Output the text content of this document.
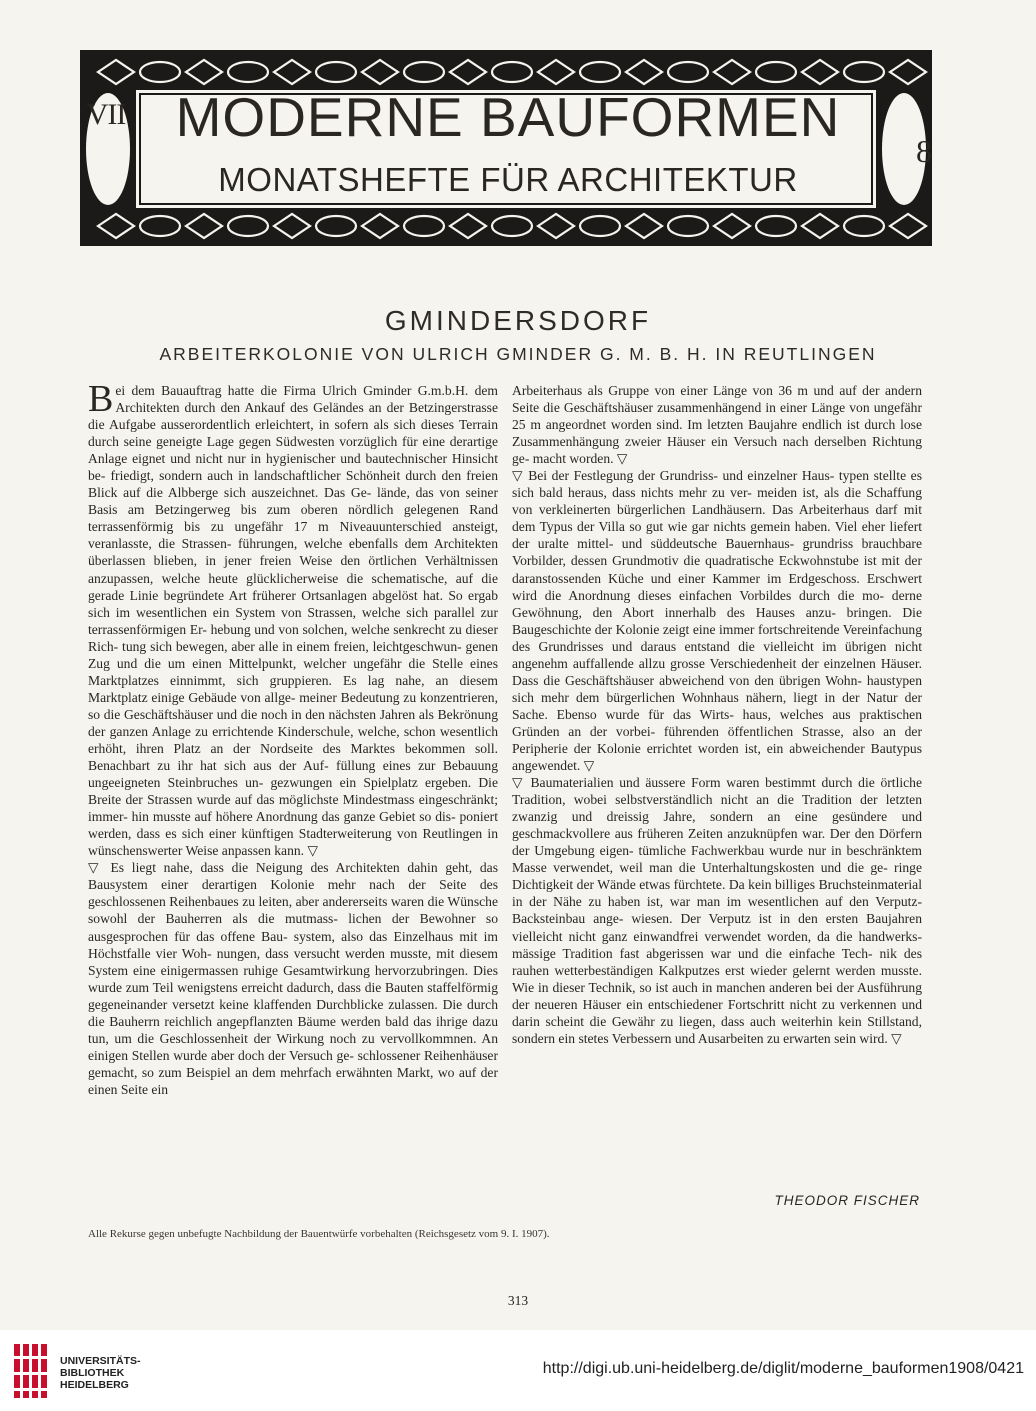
VII
8
MODERNE BAUFORMEN
MONATSHEFTE FÜR ARCHITEKTUR
GMINDERSDORF
ARBEITERKOLONIE VON ULRICH GMINDER G. M. B. H. IN REUTLINGEN

Bei dem Bauauftrag hatte die Firma Ulrich Gminder G.m.b.H. dem Architekten durch den Ankauf des Geländes an der Betzingerstrasse die Aufgabe ausserordentlich erleichtert, in sofern als sich dieses Terrain durch seine geneigte Lage gegen Südwesten vorzüglich für eine derartige Anlage eignet und nicht nur in hygienischer und bautechnischer Hinsicht be- friedigt, sondern auch in landschaftlicher Schönheit durch den freien Blick auf die Albberge sich auszeichnet. Das Ge- lände, das von seiner Basis am Betzingerweg bis zum oberen nördlich gelegenen Rand terrassenförmig bis zu ungefähr 17 m Niveauunterschied ansteigt, veranlasste, die Strassen- führungen, welche ebenfalls dem Architekten überlassen blieben, in jener freien Weise den örtlichen Verhältnissen anzupassen, welche heute glücklicherweise die schematische, auf die gerade Linie begründete Art früherer Ortsanlagen abgelöst hat. So ergab sich im wesentlichen ein System von Strassen, welche sich parallel zur terrassenförmigen Er- hebung und von solchen, welche senkrecht zu dieser Rich- tung sich bewegen, aber alle in einem freien, leichtgeschwun- genen Zug und die um einen Mittelpunkt, welcher ungefähr die Stelle eines Marktplatzes einnimmt, sich gruppieren. Es lag nahe, an diesem Marktplatz einige Gebäude von allge- meiner Bedeutung zu konzentrieren, so die Geschäftshäuser und die noch in den nächsten Jahren als Bekrönung der ganzen Anlage zu errichtende Kinderschule, welche, schon wesentlich erhöht, ihren Platz an der Nordseite des Marktes bekommen soll. Benachbart zu ihr hat sich aus der Auf- füllung eines zur Bebauung ungeeigneten Steinbruches un- gezwungen ein Spielplatz ergeben. Die Breite der Strassen wurde auf das möglichste Mindestmass eingeschränkt; immer- hin musste auf höhere Anordnung das ganze Gebiet so dis- poniert werden, dass es sich einer künftigen Stadterweiterung von Reutlingen in wünschenswerter Weise anpassen kann. ▽

▽ Es liegt nahe, dass die Neigung des Architekten dahin geht, das Bausystem einer derartigen Kolonie mehr nach der Seite des geschlossenen Reihenbaues zu leiten, aber andererseits waren die Wünsche sowohl der Bauherren als die mutmass- lichen der Bewohner so ausgesprochen für das offene Bau- system, also das Einzelhaus mit im Höchstfalle vier Woh- nungen, dass versucht werden musste, mit diesem System eine einigermassen ruhige Gesamtwirkung hervorzubringen. Dies wurde zum Teil wenigstens erreicht dadurch, dass die Bauten staffelförmig gegeneinander versetzt keine klaffenden Durchblicke zulassen. Die durch die Bauherrn reichlich angepflanzten Bäume werden bald das ihrige dazu tun, um die Geschlossenheit der Wirkung noch zu vervollkommnen. An einigen Stellen wurde aber doch der Versuch ge- schlossener Reihenhäuser gemacht, so zum Beispiel an dem mehrfach erwähnten Markt, wo auf der einen Seite ein

Arbeiterhaus als Gruppe von einer Länge von 36 m und auf der andern Seite die Geschäftshäuser zusammenhängend in einer Länge von ungefähr 25 m angeordnet worden sind. Im letzten Baujahre endlich ist durch lose Zusammenhängung zweier Häuser ein Versuch nach derselben Richtung ge- macht worden. ▽

▽ Bei der Festlegung der Grundriss- und einzelner Haus- typen stellte es sich bald heraus, dass nichts mehr zu ver- meiden ist, als die Schaffung von verkleinerten bürgerlichen Landhäusern. Das Arbeiterhaus darf mit dem Typus der Villa so gut wie gar nichts gemein haben. Viel eher liefert der uralte mittel- und süddeutsche Bauernhaus- grundriss brauchbare Vorbilder, dessen Grundmotiv die quadratische Eckwohnstube ist mit der daranstossenden Küche und einer Kammer im Erdgeschoss. Erschwert wird die Anordnung dieses einfachen Vorbildes durch die mo- derne Gewöhnung, den Abort innerhalb des Hauses anzu- bringen. Die Baugeschichte der Kolonie zeigt eine immer fortschreitende Vereinfachung des Grundrisses und daraus entstand die vielleicht im übrigen nicht angenehm auffallende allzu grosse Verschiedenheit der einzelnen Häuser. Dass die Geschäftshäuser abweichend von den übrigen Wohn- haustypen sich mehr dem bürgerlichen Wohnhaus nähern, liegt in der Natur der Sache. Ebenso wurde für das Wirts- haus, welches aus praktischen Gründen an der vorbei- führenden öffentlichen Strasse, also an der Peripherie der Kolonie errichtet worden ist, ein abweichender Bautypus angewendet. ▽

▽ Baumaterialien und äussere Form waren bestimmt durch die örtliche Tradition, wobei selbstverständlich nicht an die Tradition der letzten zwanzig und dreissig Jahre, sondern an eine gesündere und geschmackvollere aus früheren Zeiten anzuknüpfen war. Der den Dörfern der Umgebung eigen- tümliche Fachwerkbau wurde nur in beschränktem Masse verwendet, weil man die Unterhaltungskosten und die ge- ringe Dichtigkeit der Wände etwas fürchtete. Da kein billiges Bruchsteinmaterial in der Nähe zu haben ist, war man im wesentlichen auf den Verputz-Backsteinbau ange- wiesen. Der Verputz ist in den ersten Baujahren vielleicht nicht ganz einwandfrei verwendet worden, da die handwerks- mässige Tradition fast abgerissen war und die einfache Tech- nik des rauhen wetterbeständigen Kalkputzes erst wieder gelernt werden musste. Wie in dieser Technik, so ist auch in manchen anderen bei der Ausführung der neueren Häuser ein entschiedener Fortschritt nicht zu verkennen und darin scheint die Gewähr zu liegen, dass auch weiterhin kein Stillstand, sondern ein stetes Verbessern und Ausarbeiten zu erwarten sein wird. ▽

THEODOR FISCHER
Alle Rekurse gegen unbefugte Nachbildung der Bauentwürfe vorbehalten (Reichsgesetz vom 9. I. 1907).
313
UNIVERSITÄTS-
BIBLIOTHEK
HEIDELBERG
http://digi.ub.uni-heidelberg.de/diglit/moderne_bauformen1908/0421
